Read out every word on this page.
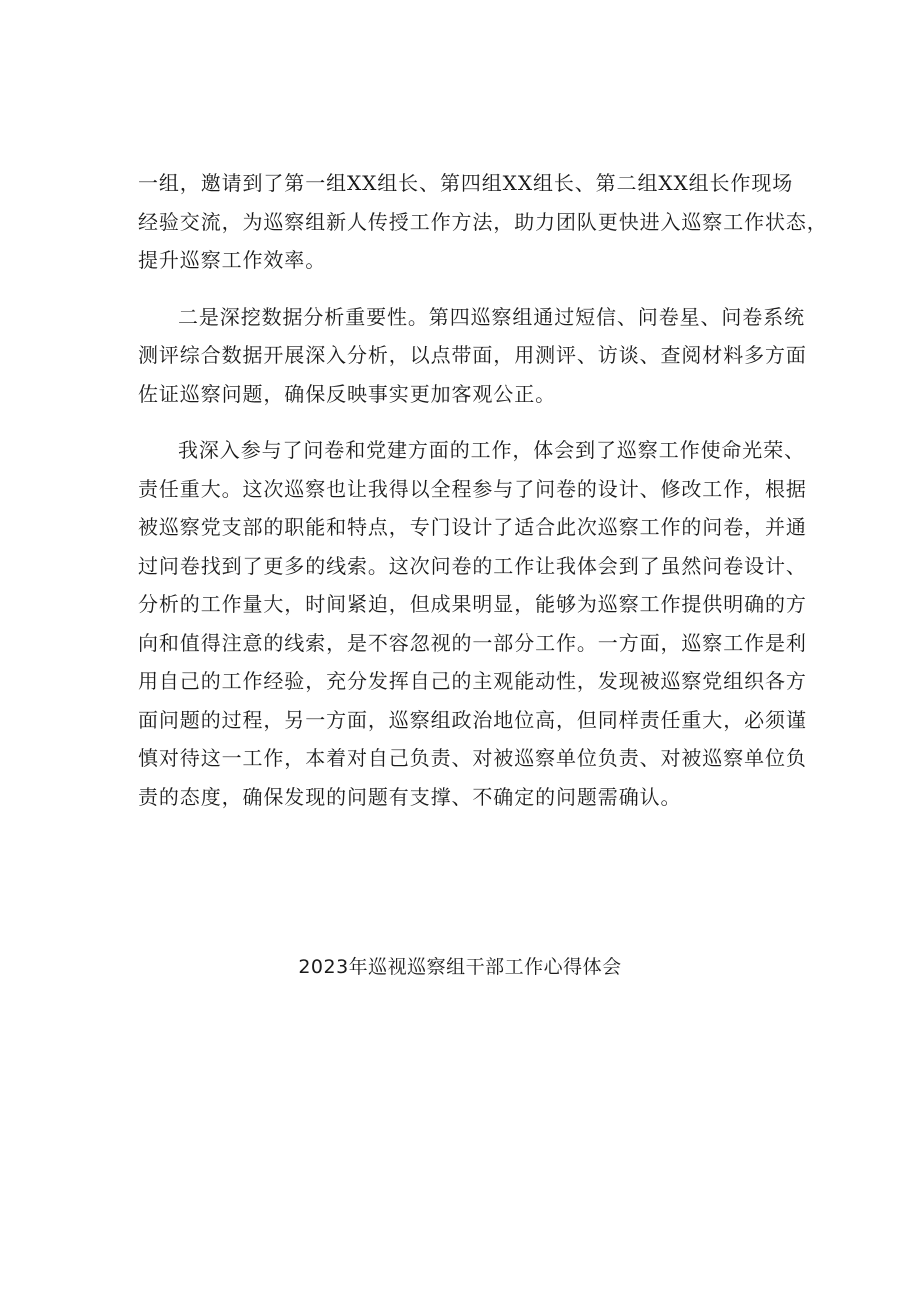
一组，邀请到了第一组XX组长、第四组XX组长、第二组XX组长作现场
经验交流，为巡察组新人传授工作方法，助力团队更快进入巡察工作状态，
提升巡察工作效率。
二是深挖数据分析重要性。第四巡察组通过短信、问卷星、问卷系统
测评综合数据开展深入分析，以点带面，用测评、访谈、查阅材料多方面
佐证巡察问题，确保反映事实更加客观公正。
我深入参与了问卷和党建方面的工作，体会到了巡察工作使命光荣、
责任重大。这次巡察也让我得以全程参与了问卷的设计、修改工作，根据
被巡察党支部的职能和特点，专门设计了适合此次巡察工作的问卷，并通
过问卷找到了更多的线索。这次问卷的工作让我体会到了虽然问卷设计、
分析的工作量大，时间紧迫，但成果明显，能够为巡察工作提供明确的方
向和值得注意的线索，是不容忽视的一部分工作。一方面，巡察工作是利
用自己的工作经验，充分发挥自己的主观能动性，发现被巡察党组织各方
面问题的过程，另一方面，巡察组政治地位高，但同样责任重大，必须谨
慎对待这一工作，本着对自己负责、对被巡察单位负责、对被巡察单位负
责的态度，确保发现的问题有支撑、不确定的问题需确认。
2023年巡视巡察组干部工作心得体会
